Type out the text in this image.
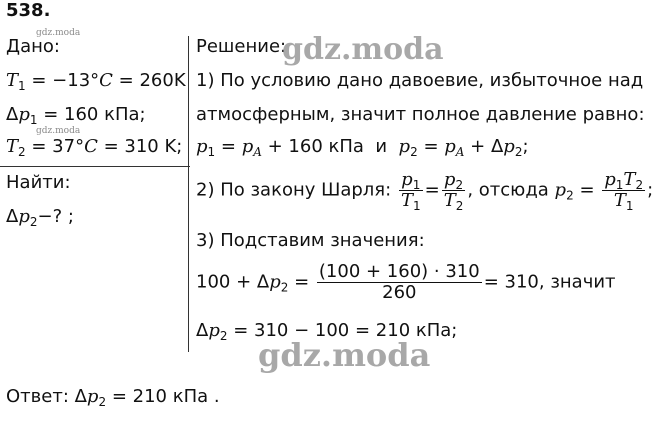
538.
gdz.moda
gdz.moda
Дано:
$T_1 = -13^\circ C = 260K$
$\Delta p_1 = 160$ кПа;
$T_2 = 37^\circ C = 310$ K;
Найти:
$\Delta p_2-$? ;
Решение:
1) По условию дано давоевие, избыточное над
атмосферным, значит полное давление равно:
$p_1 = p_A + 160$ кПа  и  $p_2 = p_A + \Delta p_2$;
2) По закону Шарля: $\frac{p_1}{T_1} = \frac{p_2}{T_2}$ , отсюда $p_2 = \frac{p_1T_2}{T_1}$ ;
3) Подставим значения:
$100 + \Delta p_2 = \frac{(100 + 160) \cdot 310}{260} = 310$, значит
$\Delta p_2 = 310 - 100 = 210$ кПа;
Ответ: $\Delta p_2 = 210$ кПа .
gdz.moda
gdz.moda
